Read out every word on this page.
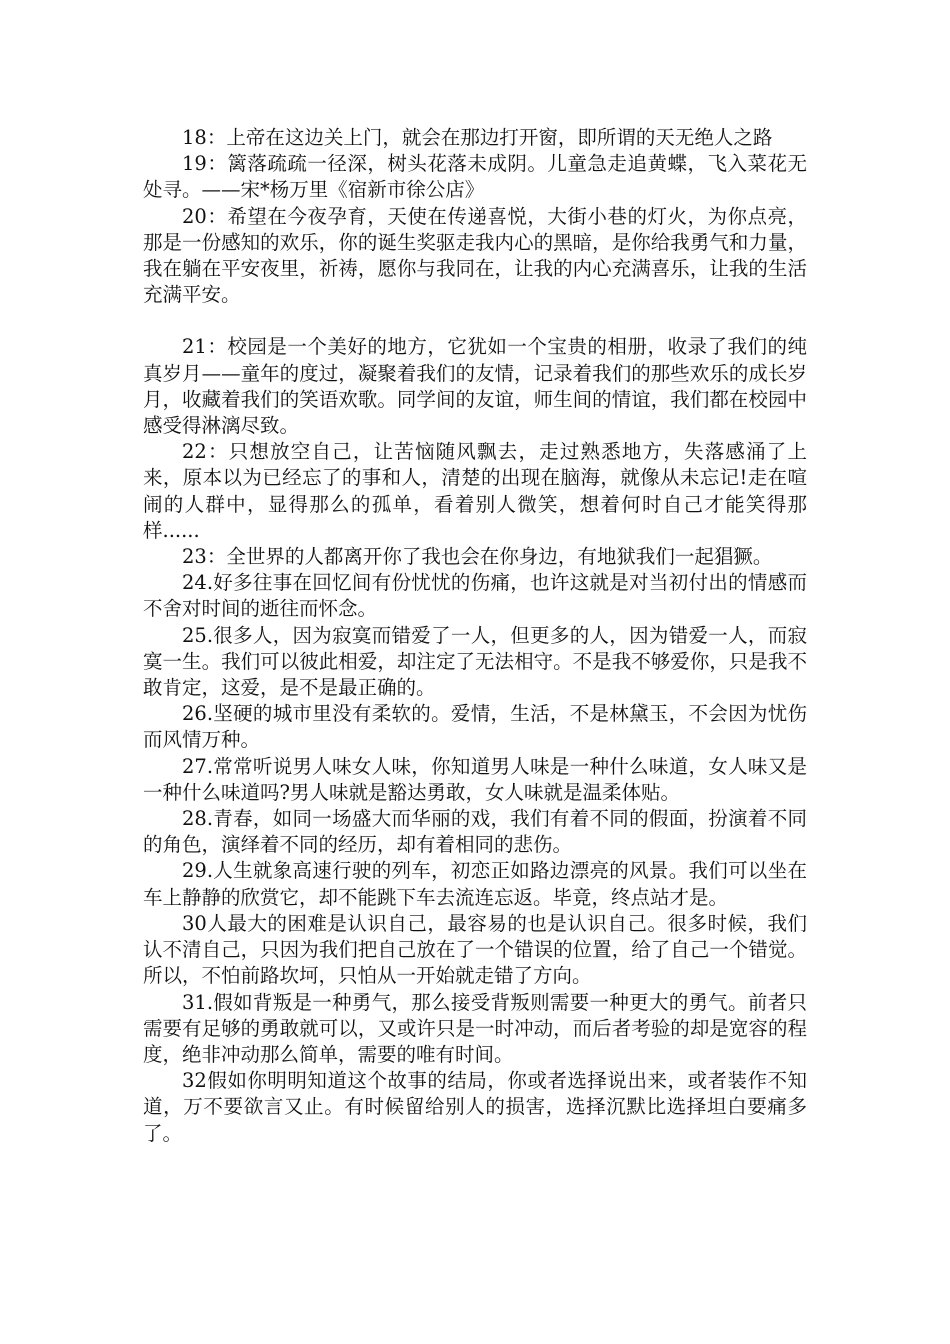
18：上帝在这边关上门，就会在那边打开窗，即所谓的天无绝人之路

19：篱落疏疏一径深，树头花落未成阴。儿童急走追黄蝶，飞入菜花无处寻。——宋*杨万里《宿新市徐公店》

20：希望在今夜孕育，天使在传递喜悦，大街小巷的灯火，为你点亮，那是一份感知的欢乐，你的诞生奖驱走我内心的黑暗，是你给我勇气和力量，我在躺在平安夜里，祈祷，愿你与我同在，让我的内心充满喜乐，让我的生活充满平安。

21：校园是一个美好的地方，它犹如一个宝贵的相册，收录了我们的纯真岁月——童年的度过，凝聚着我们的友情，记录着我们的那些欢乐的成长岁月，收藏着我们的笑语欢歌。同学间的友谊，师生间的情谊，我们都在校园中感受得淋漓尽致。

22：只想放空自己，让苦恼随风飘去，走过熟悉地方，失落感涌了上来，原本以为已经忘了的事和人，清楚的出现在脑海，就像从未忘记!走在喧闹的人群中，显得那么的孤单，看着别人微笑，想着何时自己才能笑得那样......

23：全世界的人都离开你了我也会在你身边，有地狱我们一起猖獗。

24.好多往事在回忆间有份忧忧的伤痛，也许这就是对当初付出的情感而不舍对时间的逝往而怀念。

25.很多人，因为寂寞而错爱了一人，但更多的人，因为错爱一人，而寂寞一生。我们可以彼此相爱，却注定了无法相守。不是我不够爱你，只是我不敢肯定，这爱，是不是最正确的。

26.坚硬的城市里没有柔软的。爱情，生活，不是林黛玉，不会因为忧伤而风情万种。

27.常常听说男人味女人味，你知道男人味是一种什么味道，女人味又是一种什么味道吗?男人味就是豁达勇敢，女人味就是温柔体贴。

28.青春，如同一场盛大而华丽的戏，我们有着不同的假面，扮演着不同的角色，演绎着不同的经历，却有着相同的悲伤。

29.人生就象高速行驶的列车，初恋正如路边漂亮的风景。我们可以坐在车上静静的欣赏它，却不能跳下车去流连忘返。毕竟，终点站才是。

30人最大的困难是认识自己，最容易的也是认识自己。很多时候，我们认不清自己，只因为我们把自己放在了一个错误的位置，给了自己一个错觉。所以，不怕前路坎坷，只怕从一开始就走错了方向。

31.假如背叛是一种勇气，那么接受背叛则需要一种更大的勇气。前者只需要有足够的勇敢就可以，又或许只是一时冲动，而后者考验的却是宽容的程度，绝非冲动那么简单，需要的唯有时间。

32假如你明明知道这个故事的结局，你或者选择说出来，或者装作不知道，万不要欲言又止。有时候留给别人的损害，选择沉默比选择坦白要痛多了。
